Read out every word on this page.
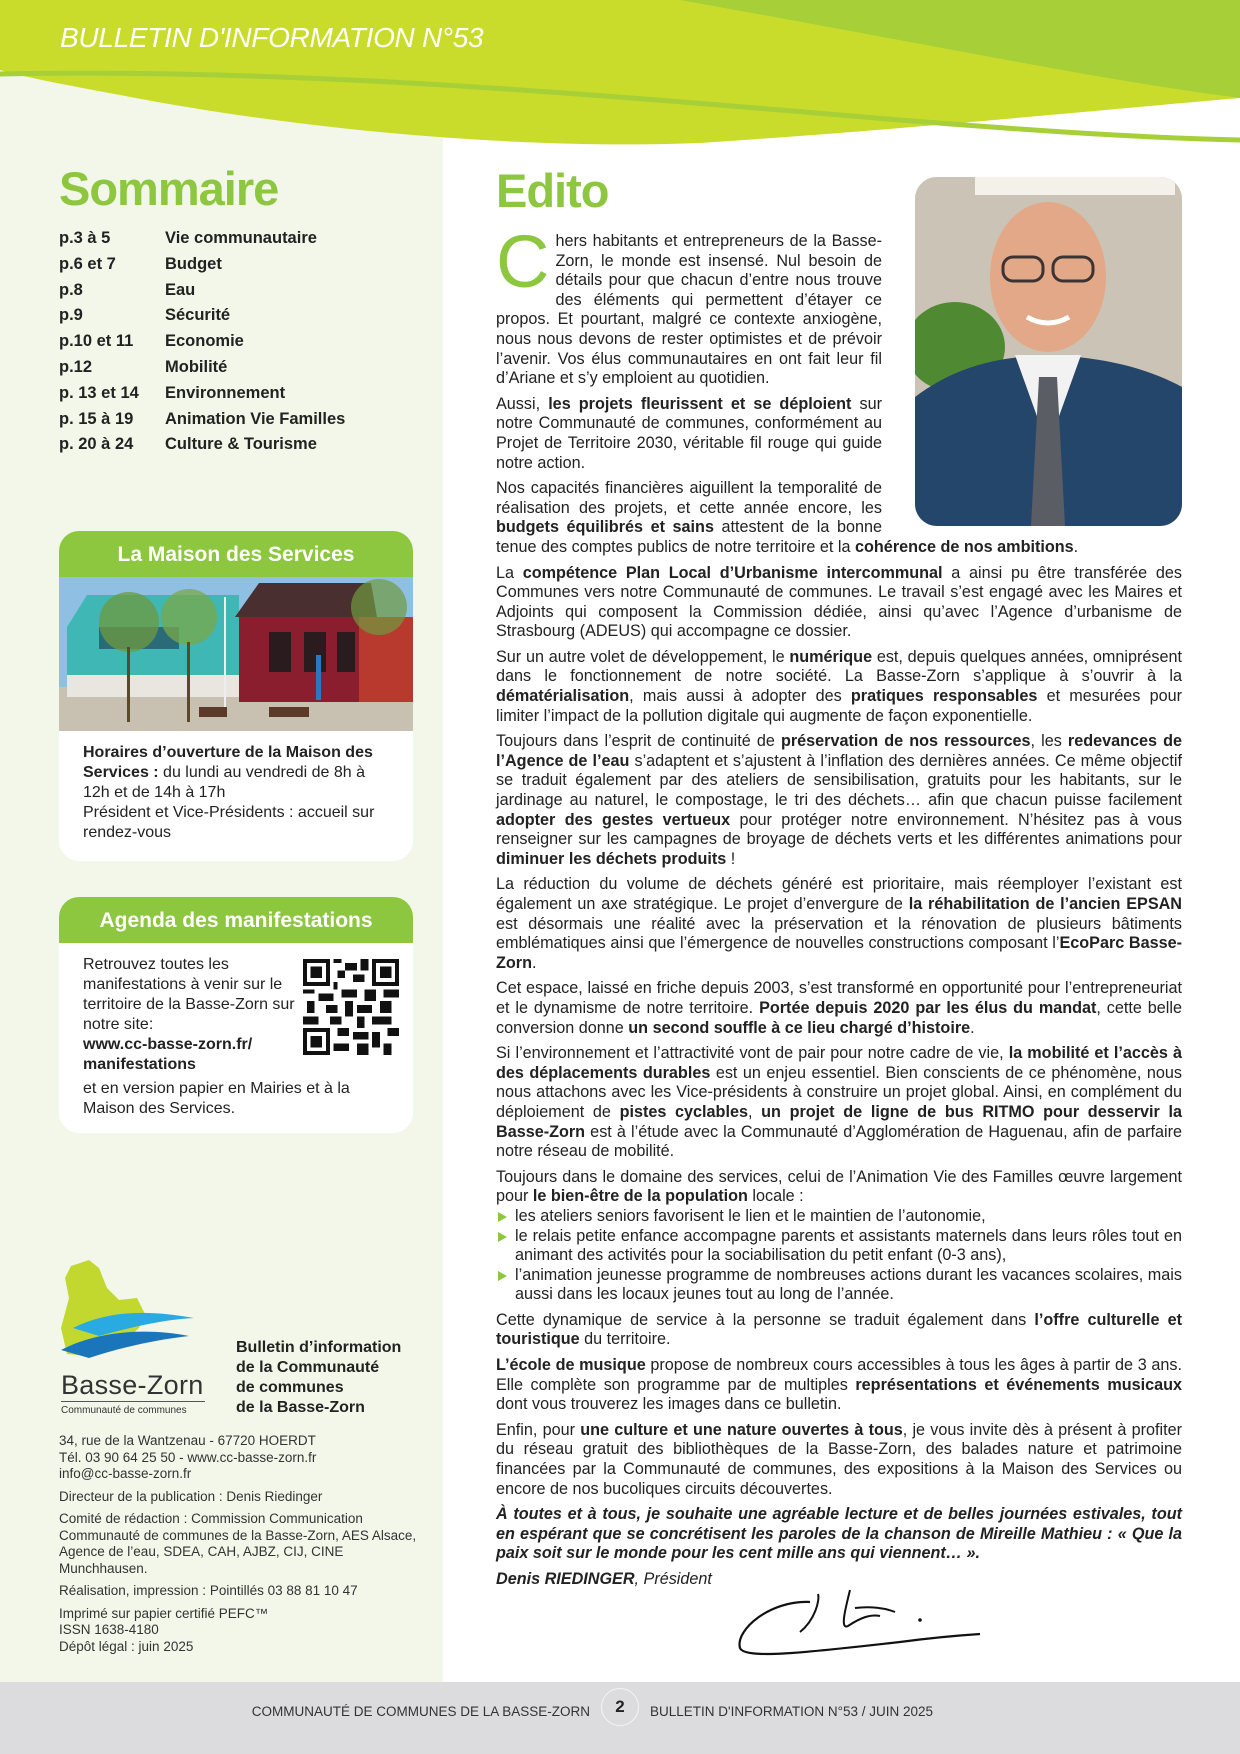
BULLETIN D'INFORMATION N°53
Sommaire
p.3 à 5	Vie communautaire
p.6 et 7	Budget
p.8	Eau
p.9	Sécurité
p.10 et 11	Economie
p.12	Mobilité
p. 13 et 14	Environnement
p. 15 à 19	Animation Vie Familles
p. 20 à 24	Culture & Tourisme
La Maison des Services
Horaires d’ouverture de la Maison des Services : du lundi au vendredi de 8h à 12h et de 14h à 17h
Président et Vice-Présidents : accueil sur rendez-vous
Agenda des manifestations
Retrouvez toutes les manifestations à venir sur le territoire de la Basse-Zorn sur notre site:
www.cc-basse-zorn.fr/ manifestations
et en version papier en Mairies et à la Maison des Services.
Basse-Zorn
Communauté de communes
Bulletin d’information
de la Communauté
de communes
de la Basse-Zorn

34, rue de la Wantzenau - 67720 HOERDT
Tél. 03 90 64 25 50 - www.cc-basse-zorn.fr
info@cc-basse-zorn.fr

Directeur de la publication : Denis Riedinger

Comité de rédaction : Commission Communication Communauté de communes de la Basse-Zorn, AES Alsace, Agence de l’eau, SDEA, CAH, AJBZ, CIJ, CINE Munchhausen.

Réalisation, impression : Pointillés 03 88 81 10 47

Imprimé sur papier certifié PEFC™
ISSN 1638-4180
Dépôt légal : juin 2025

Edito

Chers habitants et entrepreneurs de la Basse-Zorn, le monde est insensé. Nul besoin de détails pour que chacun d’entre nous trouve des éléments qui permettent d’étayer ce propos. Et pourtant, malgré ce contexte anxiogène, nous nous devons de rester optimistes et de prévoir l’avenir. Vos élus communautaires en ont fait leur fil d’Ariane et s’y emploient au quotidien.

Aussi, les projets fleurissent et se déploient sur notre Communauté de communes, conformément au Projet de Territoire 2030, véritable fil rouge qui guide notre action.

Nos capacités financières aiguillent la temporalité de réalisation des projets, et cette année encore, les budgets équilibrés et sains attestent de la bonne tenue des comptes publics de notre territoire et la cohérence de nos ambitions.

La compétence Plan Local d’Urbanisme intercommunal a ainsi pu être transférée des Communes vers notre Communauté de communes. Le travail s’est engagé avec les Maires et Adjoints qui composent la Commission dédiée, ainsi qu’avec l’Agence d’urbanisme de Strasbourg (ADEUS) qui accompagne ce dossier.

Sur un autre volet de développement, le numérique est, depuis quelques années, omniprésent dans le fonctionnement de notre société. La Basse-Zorn s’applique à s’ouvrir à la dématérialisation, mais aussi à adopter des pratiques responsables et mesurées pour limiter l’impact de la pollution digitale qui augmente de façon exponentielle.

Toujours dans l’esprit de continuité de préservation de nos ressources, les redevances de l’Agence de l’eau s’adaptent et s’ajustent à l’inflation des dernières années. Ce même objectif se traduit également par des ateliers de sensibilisation, gratuits pour les habitants, sur le jardinage au naturel, le compostage, le tri des déchets… afin que chacun puisse facilement adopter des gestes vertueux pour protéger notre environnement. N’hésitez pas à vous renseigner sur les campagnes de broyage de déchets verts et les différentes animations pour diminuer les déchets produits !

La réduction du volume de déchets généré est prioritaire, mais réemployer l’existant est également un axe stratégique. Le projet d’envergure de la réhabilitation de l’ancien EPSAN est désormais une réalité avec la préservation et la rénovation de plusieurs bâtiments emblématiques ainsi que l’émergence de nouvelles constructions composant l’EcoParc Basse-Zorn.

Cet espace, laissé en friche depuis 2003, s’est transformé en opportunité pour l’entrepreneuriat et le dynamisme de notre territoire. Portée depuis 2020 par les élus du mandat, cette belle conversion donne un second souffle à ce lieu chargé d’histoire.

Si l’environnement et l’attractivité vont de pair pour notre cadre de vie, la mobilité et l’accès à des déplacements durables est un enjeu essentiel. Bien conscients de ce phénomène, nous nous attachons avec les Vice-présidents à construire un projet global. Ainsi, en complément du déploiement de pistes cyclables, un projet de ligne de bus RITMO pour desservir la Basse-Zorn est à l’étude avec la Communauté d’Agglomération de Haguenau, afin de parfaire notre réseau de mobilité.

Toujours dans le domaine des services, celui de l’Animation Vie des Familles œuvre largement pour le bien-être de la population locale :

les ateliers seniors favorisent le lien et le maintien de l’autonomie,
le relais petite enfance accompagne parents et assistants maternels dans leurs rôles tout en animant des activités pour la sociabilisation du petit enfant (0-3 ans),
l’animation jeunesse programme de nombreuses actions durant les vacances scolaires, mais aussi dans les locaux jeunes tout au long de l’année.

Cette dynamique de service à la personne se traduit également dans l’offre culturelle et touristique du territoire.

L’école de musique propose de nombreux cours accessibles à tous les âges à partir de 3 ans. Elle complète son programme par de multiples représentations et événements musicaux dont vous trouverez les images dans ce bulletin.

Enfin, pour une culture et une nature ouvertes à tous, je vous invite dès à présent à profiter du réseau gratuit des bibliothèques de la Basse-Zorn, des balades nature et patrimoine financées par la Communauté de communes, des expositions à la Maison des Services ou encore de nos bucoliques circuits découvertes.

À toutes et à tous, je souhaite une agréable lecture et de belles journées estivales, tout en espérant que se concrétisent les paroles de la chanson de Mireille Mathieu : « Que la paix soit sur le monde pour les cent mille ans qui viennent… ».

Denis RIEDINGER, Président

COMMUNAUTÉ DE COMMUNES DE LA BASSE-ZORN	2	BULLETIN D'INFORMATION N°53 / JUIN 2025
